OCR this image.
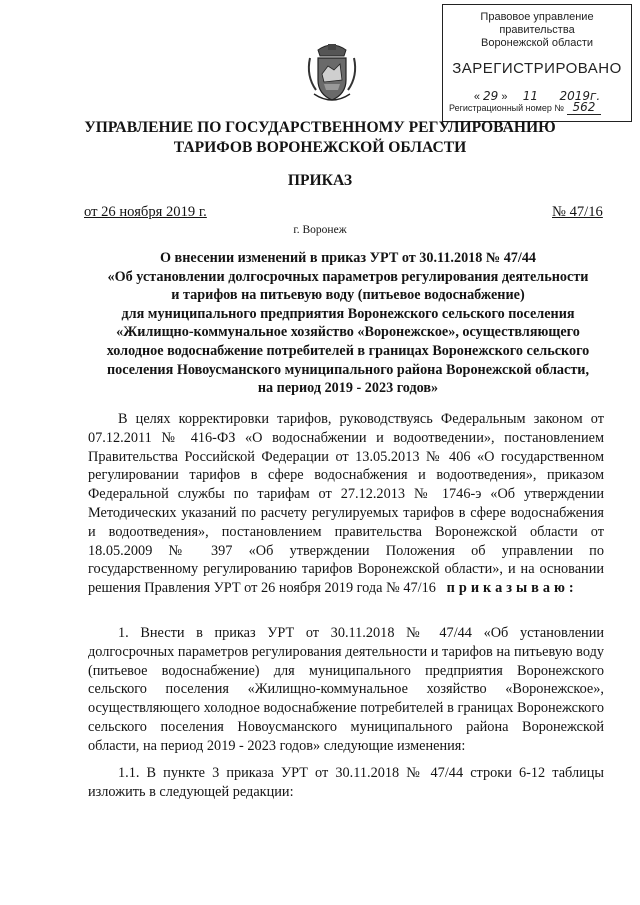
Правовое управление правительства
Воронежской области
ЗАРЕГИСТРИРОВАНО
« 29 » 11 2019г.
Регистрационный номер № 562
УПРАВЛЕНИЕ ПО ГОСУДАРСТВЕННОМУ РЕГУЛИРОВАНИЮ
ТАРИФОВ ВОРОНЕЖСКОЙ ОБЛАСТИ
ПРИКАЗ
от 26 ноября 2019 г.	№ 47/16
г. Воронеж
О внесении изменений в приказ УРТ от 30.11.2018 № 47/44
«Об установлении долгосрочных параметров регулирования деятельности
и тарифов на питьевую воду (питьевое водоснабжение)
для муниципального предприятия Воронежского сельского поселения
«Жилищно-коммунальное хозяйство «Воронежское», осуществляющего
холодное водоснабжение потребителей в границах Воронежского сельского
поселения Новоусманского муниципального района Воронежской области,
на период 2019 - 2023 годов»
В целях корректировки тарифов, руководствуясь Федеральным законом от 07.12.2011 № 416-ФЗ «О водоснабжении и водоотведении», постановлением Правительства Российской Федерации от 13.05.2013 № 406 «О государственном регулировании тарифов в сфере водоснабжения и водоотведения», приказом Федеральной службы по тарифам от 27.12.2013 № 1746-э «Об утверждении Методических указаний по расчету регулируемых тарифов в сфере водоснабжения и водоотведения», постановлением правительства Воронежской области от 18.05.2009 № 397 «Об утверждении Положения об управлении по государственному регулированию тарифов Воронежской области», и на основании решения Правления УРТ от 26 ноября 2019 года № 47/16 приказываю:
1. Внести в приказ УРТ от 30.11.2018 № 47/44 «Об установлении долгосрочных параметров регулирования деятельности и тарифов на питьевую воду (питьевое водоснабжение) для муниципального предприятия Воронежского сельского поселения «Жилищно-коммунальное хозяйство «Воронежское», осуществляющего холодное водоснабжение потребителей в границах Воронежского сельского поселения Новоусманского муниципального района Воронежской области, на период 2019 - 2023 годов» следующие изменения:
1.1. В пункте 3 приказа УРТ от 30.11.2018 № 47/44 строки 6-12 таблицы изложить в следующей редакции:
